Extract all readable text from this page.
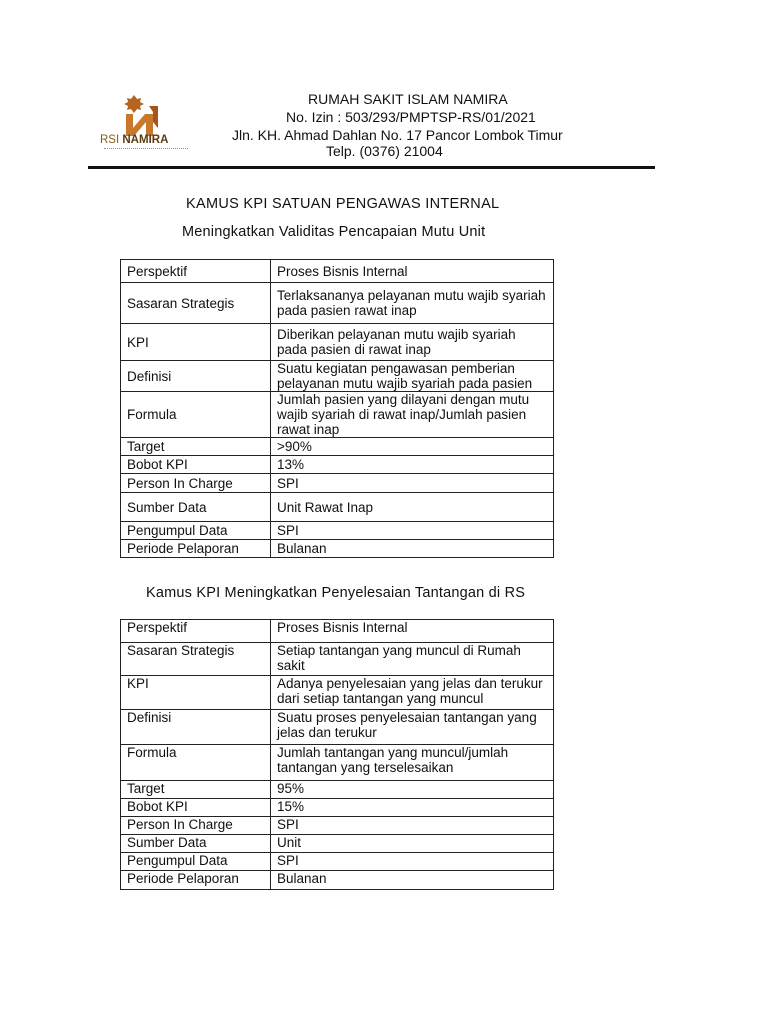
RSI NAMIRA
RUMAH SAKIT ISLAM NAMIRA
No. Izin : 503/293/PMPTSP-RS/01/2021
Jln. KH. Ahmad Dahlan No. 17 Pancor Lombok Timur
Telp. (0376) 21004
KAMUS KPI SATUAN PENGAWAS INTERNAL
Meningkatkan Validitas Pencapaian Mutu Unit
Perspektif	Proses Bisnis Internal
Sasaran Strategis	Terlaksananya pelayanan mutu wajib syariah pada pasien rawat inap
KPI	Diberikan pelayanan mutu wajib syariah pada pasien di rawat inap
Definisi	Suatu kegiatan pengawasan pemberian pelayanan mutu wajib syariah pada pasien
Formula	Jumlah pasien yang dilayani dengan mutu wajib syariah di rawat inap/Jumlah pasien rawat inap
Target	>90%
Bobot KPI	13%
Person In Charge	SPI
Sumber Data	Unit Rawat Inap
Pengumpul Data	SPI
Periode Pelaporan	Bulanan
Kamus KPI Meningkatkan Penyelesaian Tantangan di RS
Perspektif	Proses Bisnis Internal
Sasaran Strategis	Setiap tantangan yang muncul di Rumah sakit
KPI	Adanya penyelesaian yang jelas dan terukur dari setiap tantangan yang muncul
Definisi	Suatu proses penyelesaian tantangan yang jelas dan terukur
Formula	Jumlah tantangan yang muncul/jumlah tantangan yang terselesaikan
Target	95%
Bobot KPI	15%
Person In Charge	SPI
Sumber Data	Unit
Pengumpul Data	SPI
Periode Pelaporan	Bulanan
